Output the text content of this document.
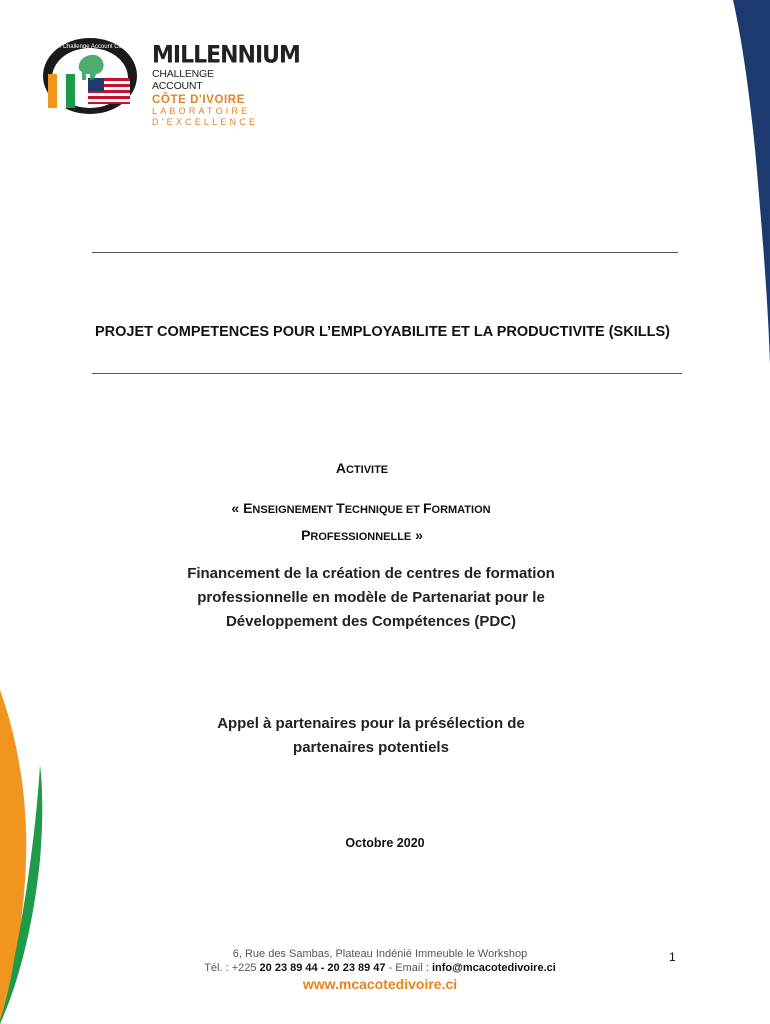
Millennium Challenge Account Côte d'Ivoire MILLENNIUM
CHALLENGE ACCOUNT
CÔTE D'IVOIRE
LABORATOIRE
D'EXCELLENCE
PROJET COMPETENCES POUR L’EMPLOYABILITE ET LA PRODUCTIVITE (SKILLS)
ACTIVITE
« ENSEIGNEMENT TECHNIQUE ET FORMATION
PROFESSIONNELLE »
Financement de la création de centres de formation
professionnelle en modèle de Partenariat pour le
Développement des Compétences (PDC)
Appel à partenaires pour la présélection de
partenaires potentiels
Octobre 2020
6, Rue des Sambas, Plateau Indénié Immeuble le Workshop
Tél. : +225 20 23 89 44 - 20 23 89 47 - Email : info@mcacotedivoire.ci
www.mcacotedivoire.ci
1
